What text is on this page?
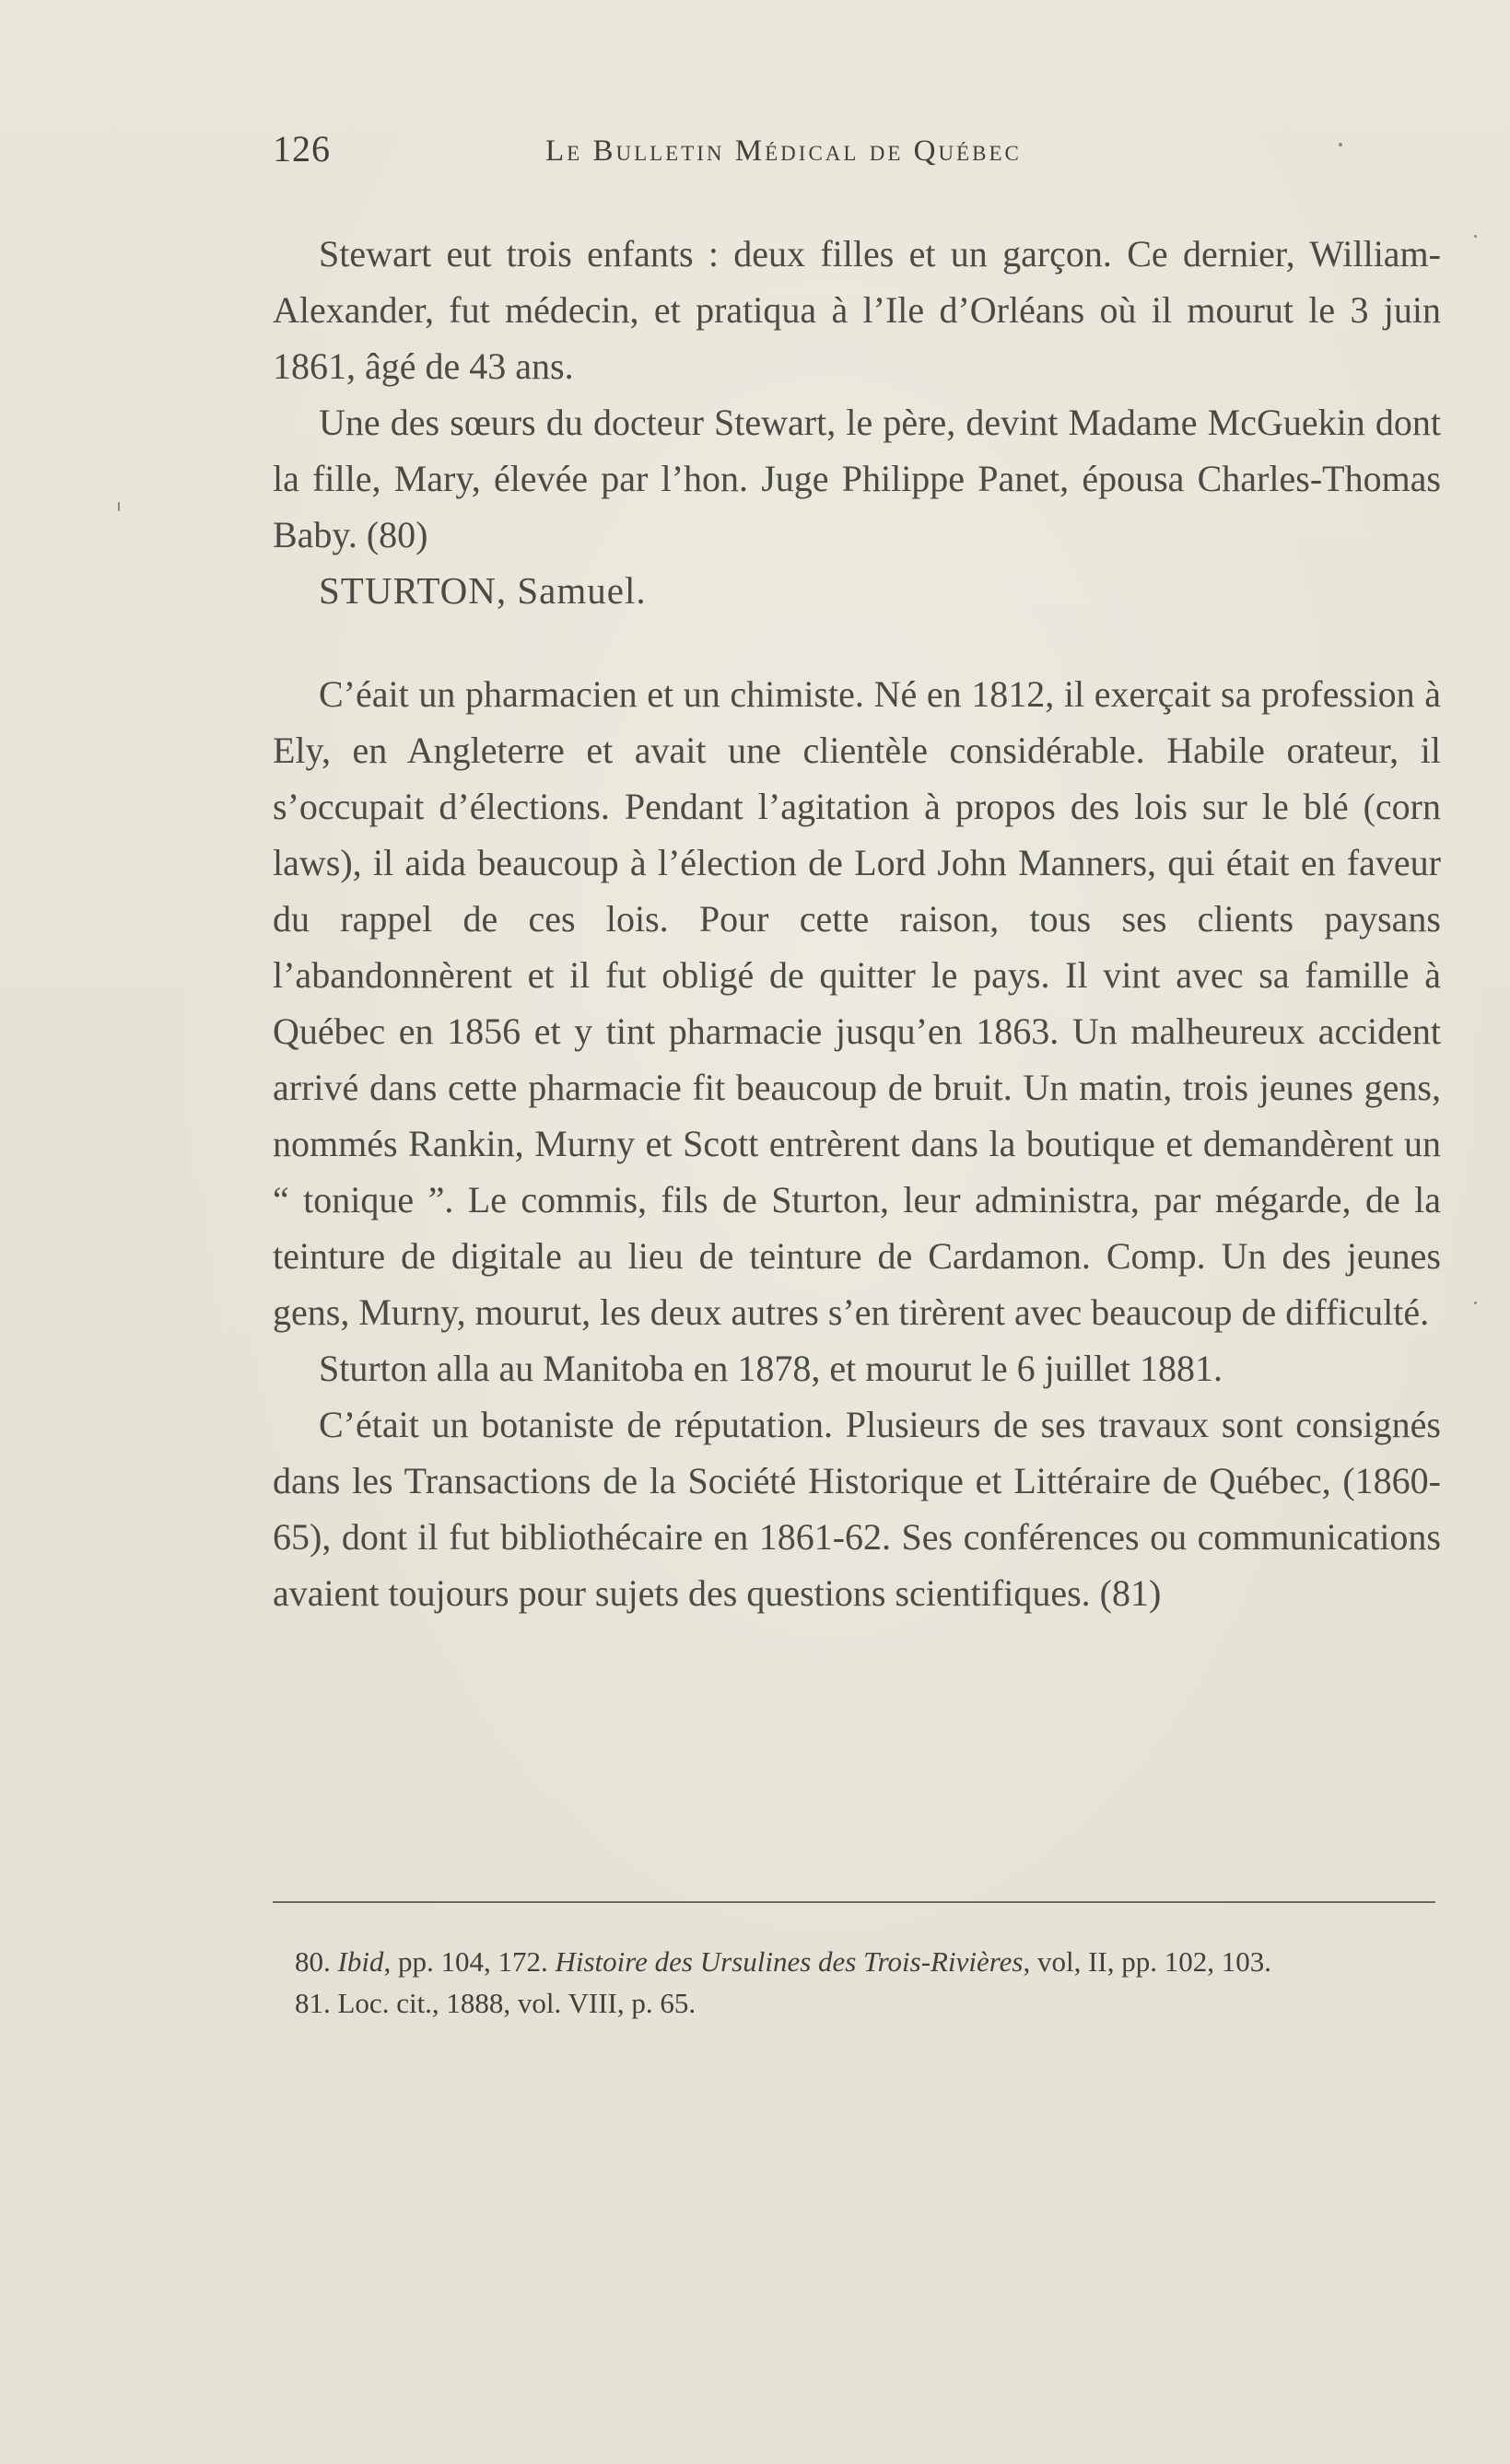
126	Le Bulletin Médical de Québec

Stewart eut trois enfants : deux filles et un garçon. Ce dernier, William-Alexander, fut médecin, et pratiqua à l’Ile d’Orléans où il mourut le 3 juin 1861, âgé de 43 ans.

Une des sœurs du docteur Stewart, le père, devint Madame McGuekin dont la fille, Mary, élevée par l’hon. Juge Philippe Panet, épousa Charles-Thomas Baby. (80)

STURTON, Samuel.

C’éait un pharmacien et un chimiste. Né en 1812, il exerçait sa profession à Ely, en Angleterre et avait une clientèle considérable. Habile orateur, il s’occupait d’élections. Pendant l’agitation à propos des lois sur le blé (corn laws), il aida beaucoup à l’élection de Lord John Manners, qui était en faveur du rappel de ces lois. Pour cette raison, tous ses clients paysans l’abandonnèrent et il fut obligé de quitter le pays. Il vint avec sa famille à Québec en 1856 et y tint pharmacie jusqu’en 1863. Un malheureux accident arrivé dans cette pharmacie fit beaucoup de bruit. Un matin, trois jeunes gens, nommés Rankin, Murny et Scott entrèrent dans la boutique et demandèrent un “ tonique ”. Le commis, fils de Sturton, leur administra, par mégarde, de la teinture de digitale au lieu de teinture de Cardamon. Comp. Un des jeunes gens, Murny, mourut, les deux autres s’en tirèrent avec beaucoup de difficulté.

Sturton alla au Manitoba en 1878, et mourut le 6 juillet 1881.

C’était un botaniste de réputation. Plusieurs de ses travaux sont consignés dans les Transactions de la Société Historique et Littéraire de Québec, (1860-65), dont il fut bibliothécaire en 1861-62. Ses conférences ou communications avaient toujours pour sujets des questions scientifiques. (81)

80. Ibid, pp. 104, 172. Histoire des Ursulines des Trois-Rivières, vol, II, pp. 102, 103.

81. Loc. cit., 1888, vol. VIII, p. 65.
